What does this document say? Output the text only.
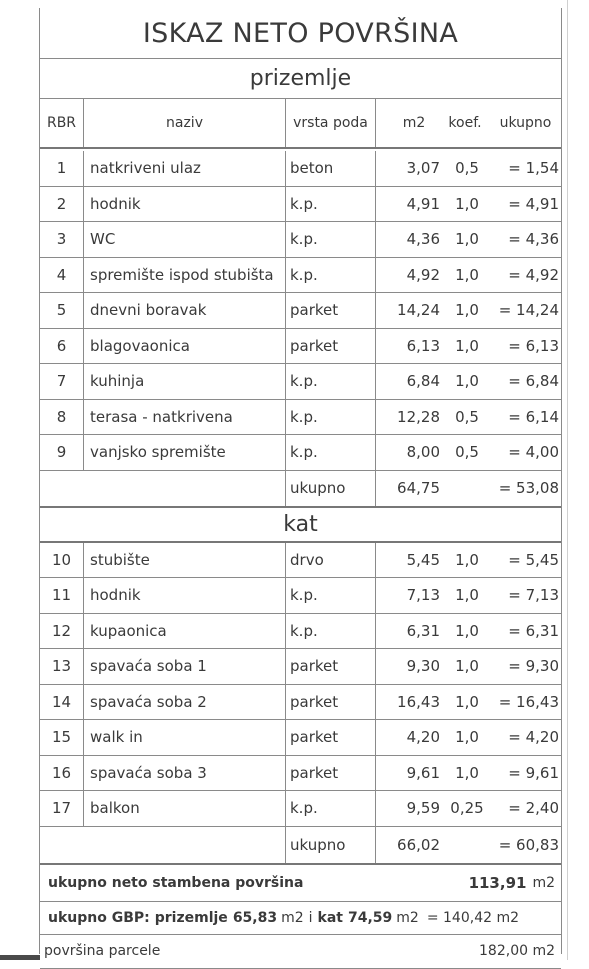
ISKAZ NETO POVRŠINA
prizemlje
RBR	naziv	vrsta poda	m2	koef.	ukupno
1	natkriveni ulaz	beton	3,07	0,5	= 1,54
2	hodnik	k.p.	4,91	1,0	= 4,91
3	WC	k.p.	4,36	1,0	= 4,36
4	spremište ispod stubišta	k.p.	4,92	1,0	= 4,92
5	dnevni boravak	parket	14,24	1,0	= 14,24
6	blagovaonica	parket	6,13	1,0	= 6,13
7	kuhinja	k.p.	6,84	1,0	= 6,84
8	terasa - natkrivena	k.p.	12,28	0,5	= 6,14
9	vanjsko spremište	k.p.	8,00	0,5	= 4,00
ukupno	64,75	= 53,08
kat
10	stubište	drvo	5,45	1,0	= 5,45
11	hodnik	k.p.	7,13	1,0	= 7,13
12	kupaonica	k.p.	6,31	1,0	= 6,31
13	spavaća soba 1	parket	9,30	1,0	= 9,30
14	spavaća soba 2	parket	16,43	1,0	= 16,43
15	walk in	parket	4,20	1,0	= 4,20
16	spavaća soba 3	parket	9,61	1,0	= 9,61
17	balkon	k.p.	9,59 0,25	= 2,40
ukupno	66,02	= 60,83
ukupno neto stambena površina	113,91 m2
ukupno GBP: prizemlje 65,83 m2 i kat 74,59 m2 = 140,42 m2
površina parcele	182,00 m2
